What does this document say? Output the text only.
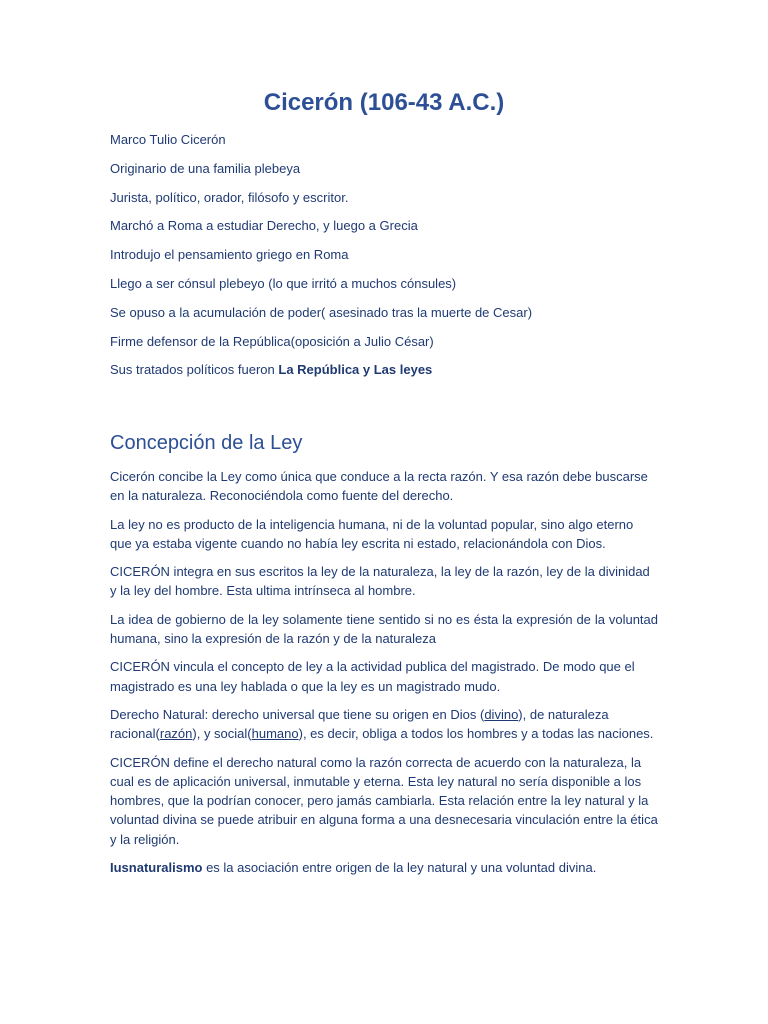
Cicerón (106-43 A.C.)
Marco Tulio Cicerón
Originario de una familia plebeya
Jurista, político, orador, filósofo y escritor.
Marchó a Roma a estudiar Derecho, y luego a Grecia
Introdujo el pensamiento griego en Roma
Llego a ser cónsul plebeyo (lo que irritó a muchos cónsules)
Se opuso a la acumulación de poder( asesinado tras la muerte de Cesar)
Firme defensor de la República(oposición a Julio César)
Sus tratados políticos fueron La República y Las leyes
Concepción de la Ley

Cicerón concibe la Ley como única que conduce a la recta razón. Y esa razón debe buscarse en la naturaleza. Reconociéndola como fuente del derecho.

La ley no es producto de la inteligencia humana, ni de la voluntad popular, sino algo eterno que ya estaba vigente cuando no había ley escrita ni estado, relacionándola con Dios.

CICERÓN integra en sus escritos la ley de la naturaleza, la ley de la razón, ley de la divinidad y la ley del hombre. Esta ultima intrínseca al hombre.

La idea de gobierno de la ley solamente tiene sentido si no es ésta la expresión de la voluntad humana, sino la expresión de la razón y de la naturaleza

CICERÓN vincula el concepto de ley a la actividad publica del magistrado. De modo que el magistrado es una ley hablada o que la ley es un magistrado mudo.

Derecho Natural: derecho universal que tiene su origen en Dios (divino), de naturaleza racional(razón), y social(humano), es decir, obliga a todos los hombres y a todas las naciones.

CICERÓN define el derecho natural como la razón correcta de acuerdo con la naturaleza, la cual es de aplicación universal, inmutable y eterna. Esta ley natural no sería disponible a los hombres, que la podrían conocer, pero jamás cambiarla. Esta relación entre la ley natural y la voluntad divina se puede atribuir en alguna forma a una desnecesaria vinculación entre la ética y la religión.

Iusnaturalismo es la asociación entre origen de la ley natural y una voluntad divina.
